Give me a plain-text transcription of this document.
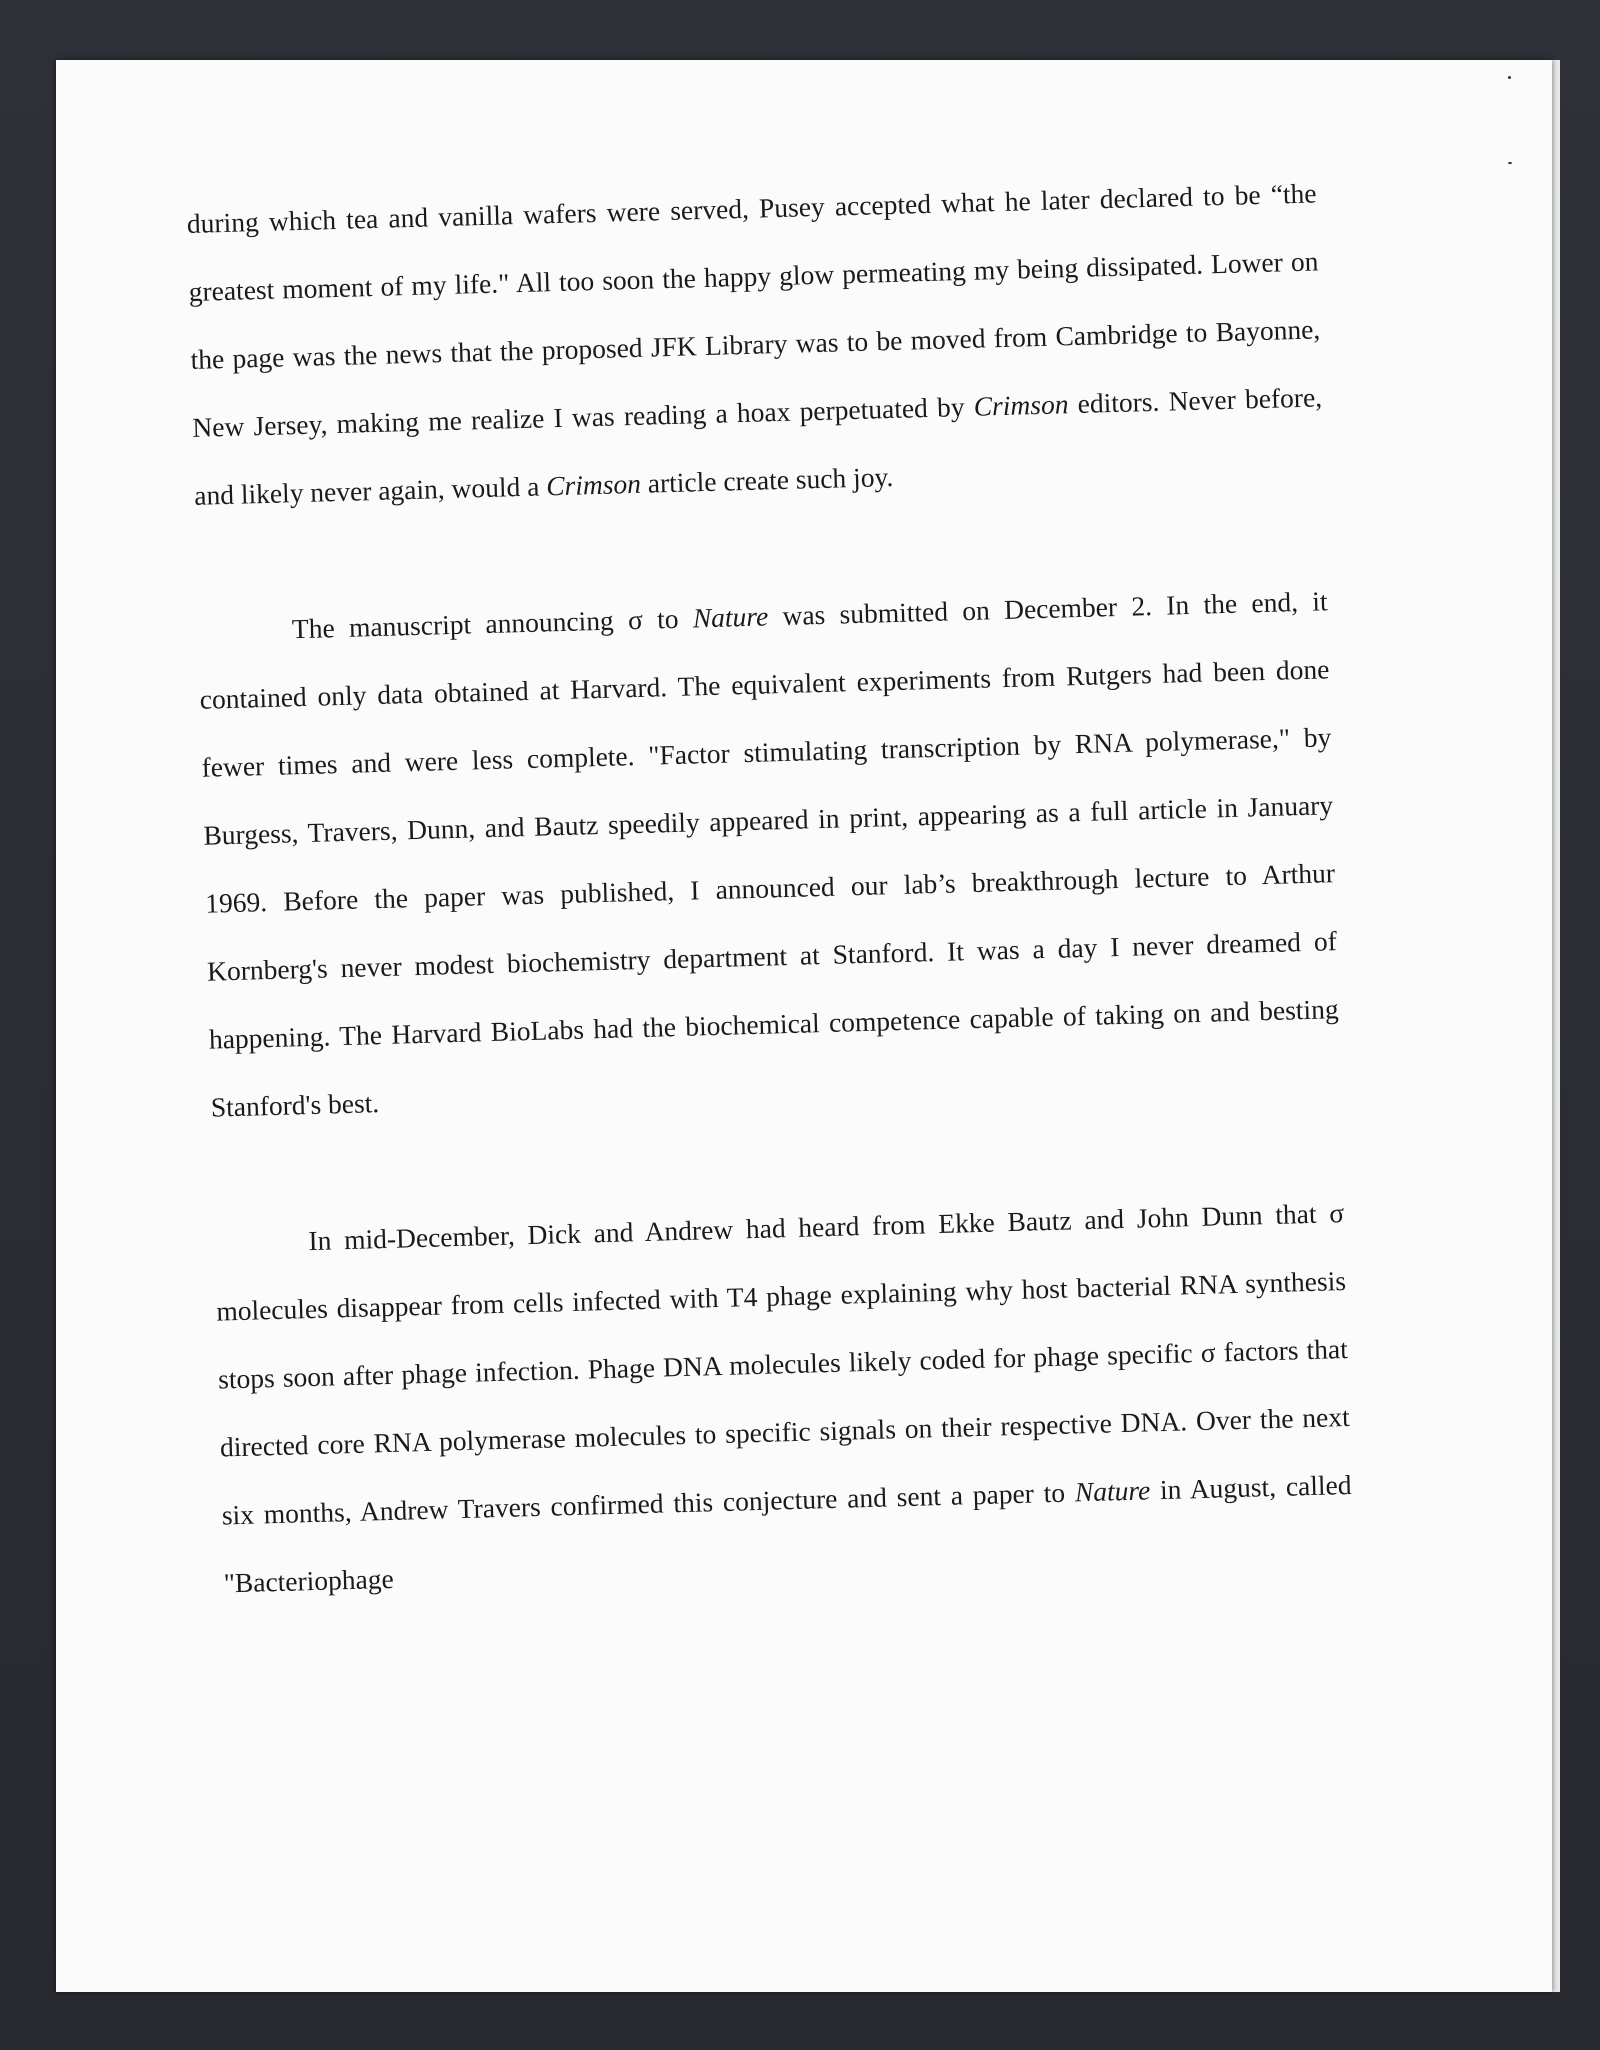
during which tea and vanilla wafers were served, Pusey accepted what he later declared to be “the greatest moment of my life." All too soon the happy glow permeating my being dissipated. Lower on the page was the news that the proposed JFK Library was to be moved from Cambridge to Bayonne, New Jersey, making me realize I was reading a hoax perpetuated by Crimson editors. Never before, and likely never again, would a Crimson article create such joy.

The manuscript announcing σ to Nature was submitted on December 2. In the end, it contained only data obtained at Harvard. The equivalent experiments from Rutgers had been done fewer times and were less complete. "Factor stimulating transcription by RNA polymerase," by Burgess, Travers, Dunn, and Bautz speedily appeared in print, appearing as a full article in January 1969. Before the paper was published, I announced our lab’s breakthrough lecture to Arthur Kornberg's never modest biochemistry department at Stanford. It was a day I never dreamed of happening. The Harvard BioLabs had the biochemical competence capable of taking on and besting Stanford's best.

In mid-December, Dick and Andrew had heard from Ekke Bautz and John Dunn that σ molecules disappear from cells infected with T4 phage explaining why host bacterial RNA synthesis stops soon after phage infection. Phage DNA molecules likely coded for phage specific σ factors that directed core RNA polymerase molecules to specific signals on their respective DNA. Over the next six months, Andrew Travers confirmed this conjecture and sent a paper to Nature in August, called "Bacteriophage
